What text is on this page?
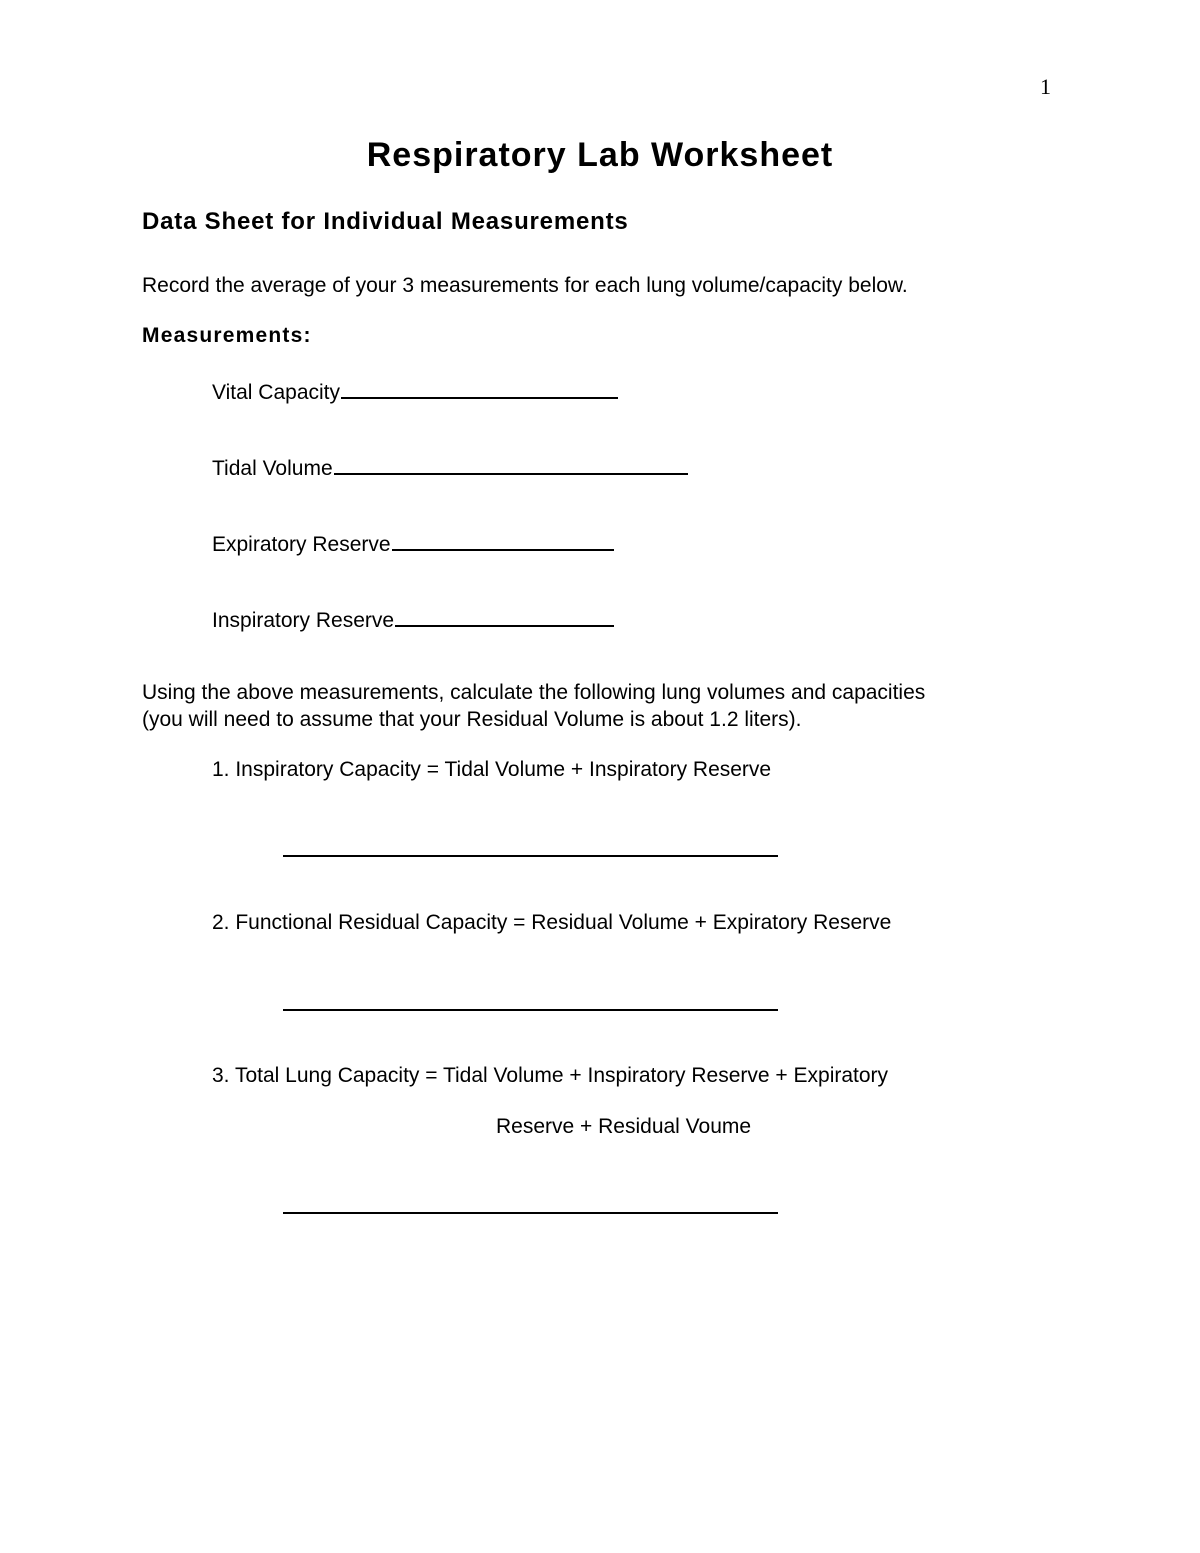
1
Respiratory Lab Worksheet
Data Sheet for Individual Measurements
Record the average of your 3 measurements for each lung volume/capacity below.
Measurements:
Vital Capacity
Tidal Volume
Expiratory Reserve
Inspiratory Reserve
Using the above measurements, calculate the following lung volumes and capacities
(you will need to assume that your Residual Volume is about 1.2 liters).
1. Inspiratory Capacity = Tidal Volume + Inspiratory Reserve
2. Functional Residual Capacity = Residual Volume + Expiratory Reserve
3. Total Lung Capacity = Tidal Volume + Inspiratory Reserve + Expiratory
Reserve + Residual Voume
